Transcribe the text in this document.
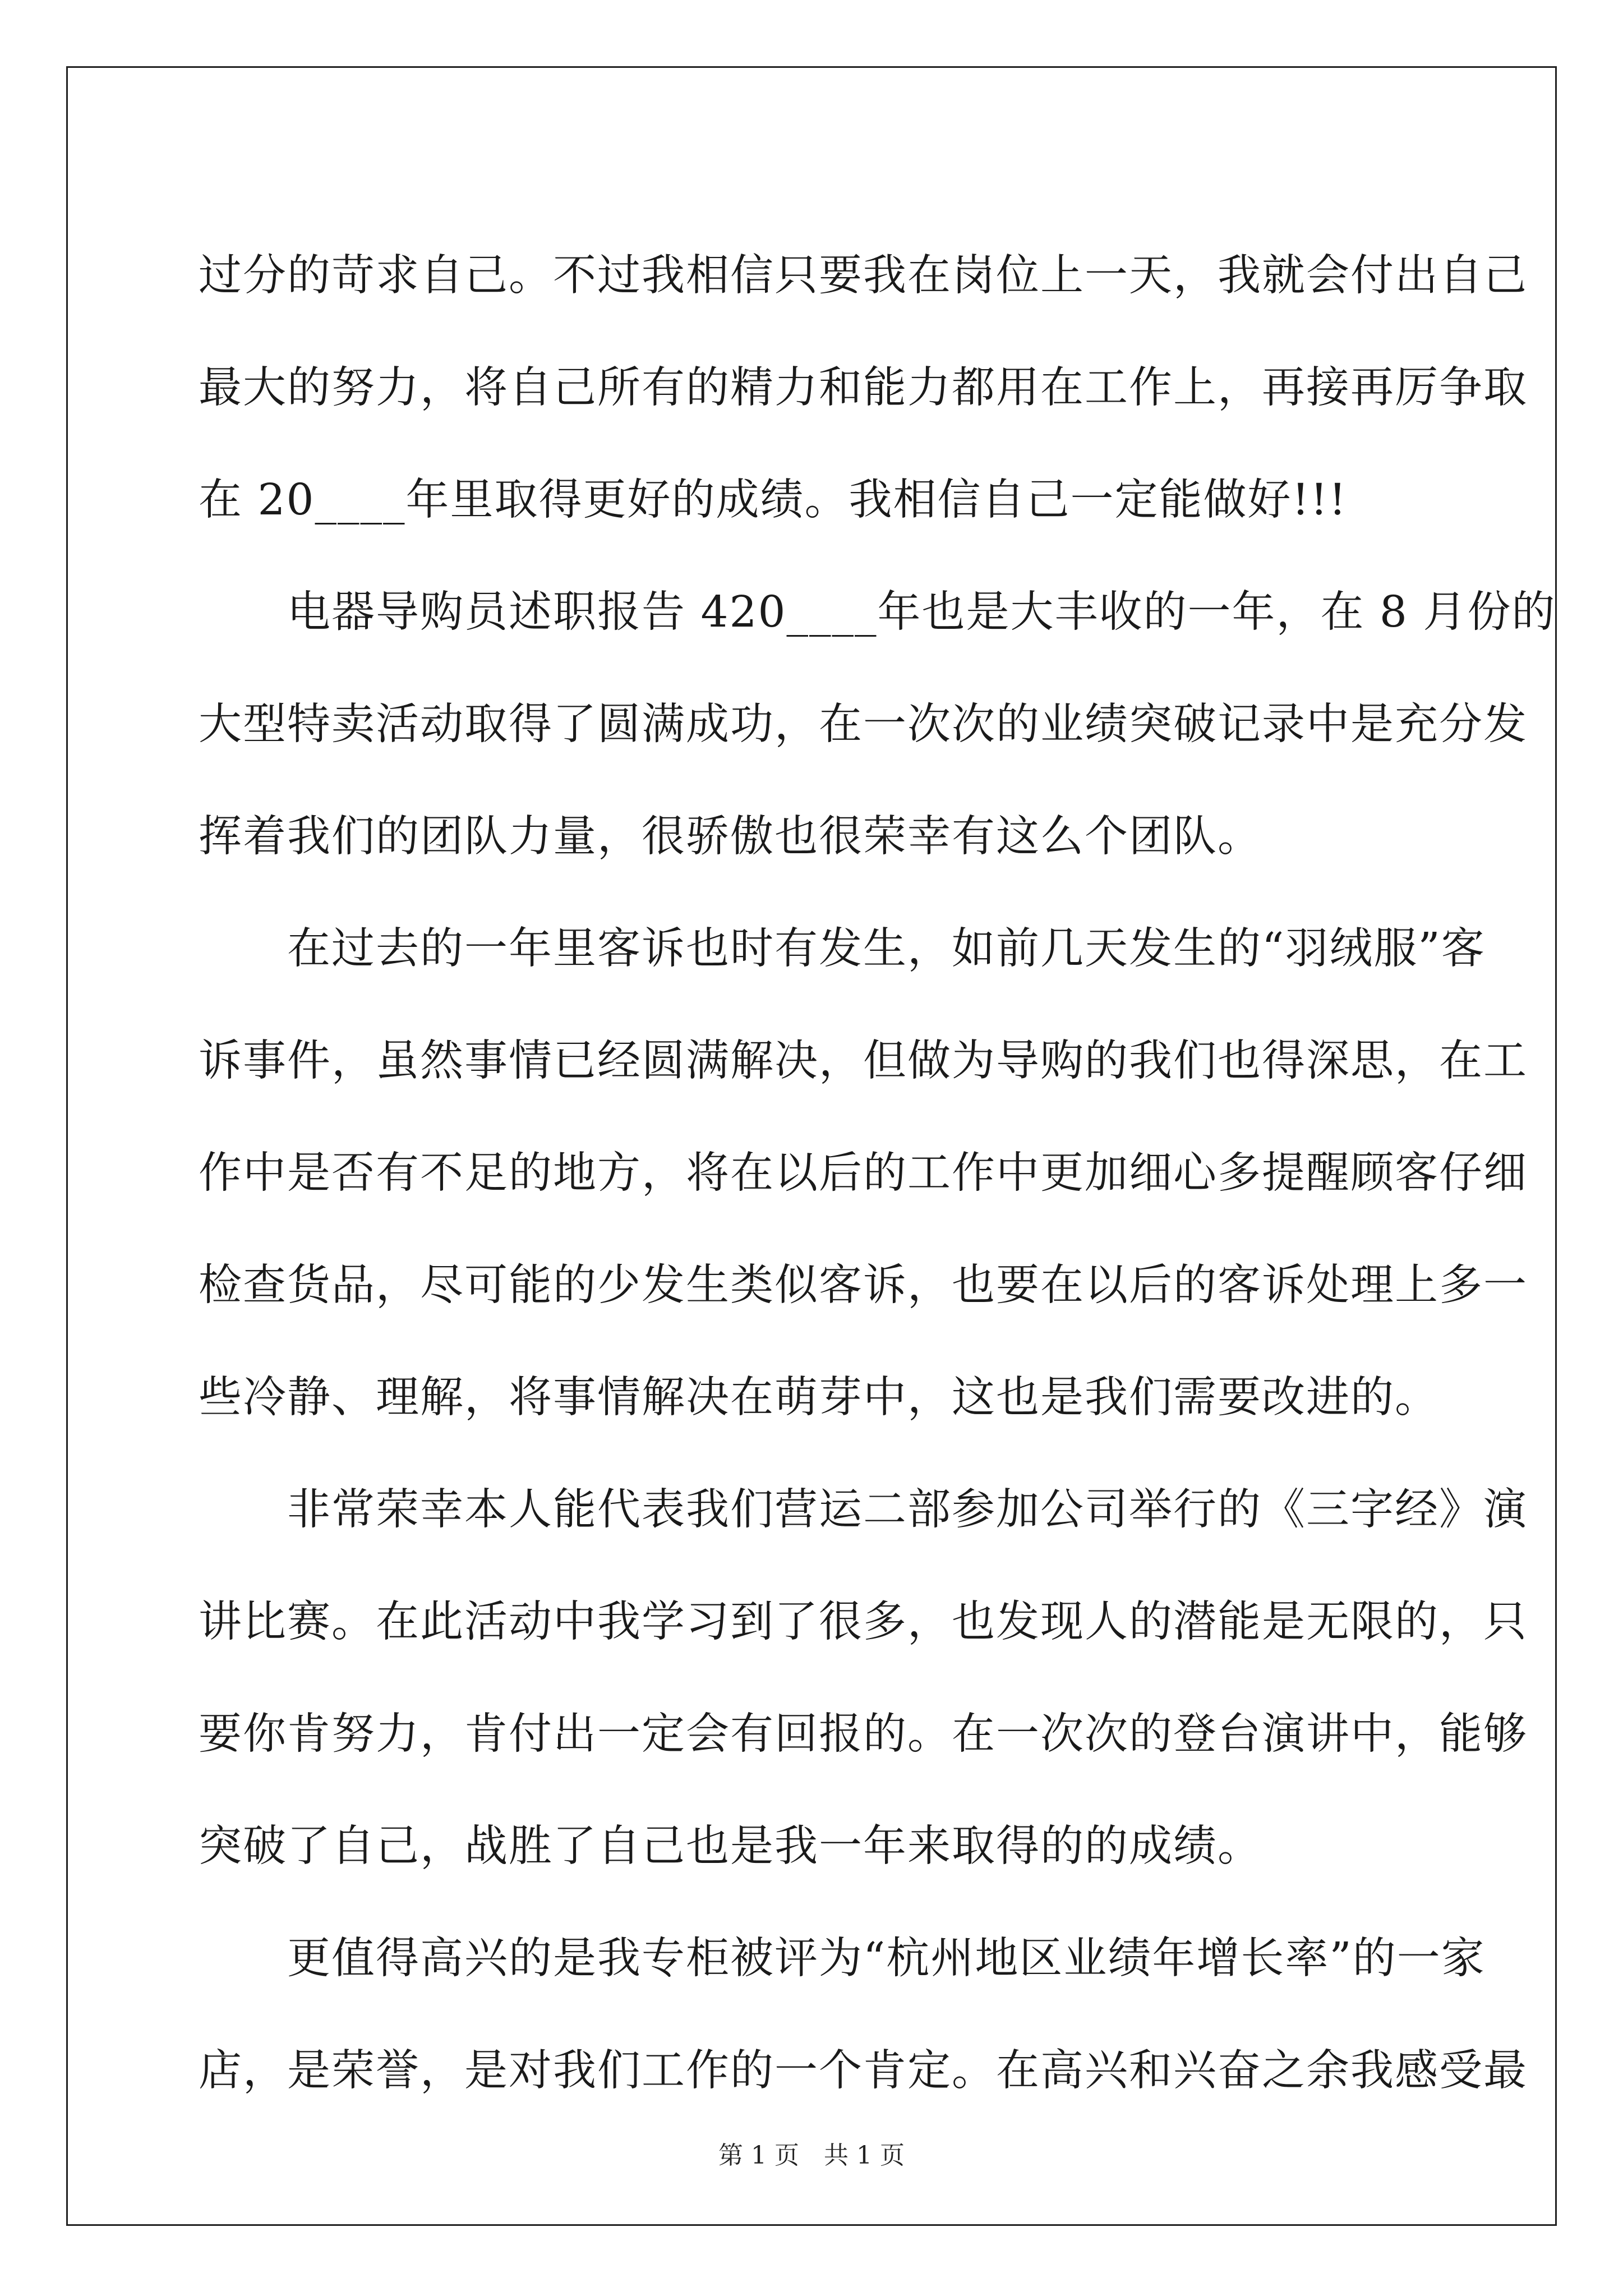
过分的苛求自己。不过我相信只要我在岗位上一天，我就会付出自己
最大的努力，将自己所有的精力和能力都用在工作上，再接再厉争取
在 20____年里取得更好的成绩。我相信自己一定能做好!!!
　　电器导购员述职报告 420____年也是大丰收的一年，在 8 月份的
大型特卖活动取得了圆满成功，在一次次的业绩突破记录中是充分发
挥着我们的团队力量，很骄傲也很荣幸有这么个团队。
　　在过去的一年里客诉也时有发生，如前几天发生的“羽绒服”客
诉事件，虽然事情已经圆满解决，但做为导购的我们也得深思，在工
作中是否有不足的地方，将在以后的工作中更加细心多提醒顾客仔细
检查货品，尽可能的少发生类似客诉，也要在以后的客诉处理上多一
些冷静、理解，将事情解决在萌芽中，这也是我们需要改进的。
　　非常荣幸本人能代表我们营运二部参加公司举行的《三字经》演
讲比赛。在此活动中我学习到了很多，也发现人的潜能是无限的，只
要你肯努力，肯付出一定会有回报的。在一次次的登台演讲中，能够
突破了自己，战胜了自己也是我一年来取得的的成绩。
　　更值得高兴的是我专柜被评为“杭州地区业绩年增长率”的一家
店，是荣誉，是对我们工作的一个肯定。在高兴和兴奋之余我感受最
第 1 页　共 1 页
